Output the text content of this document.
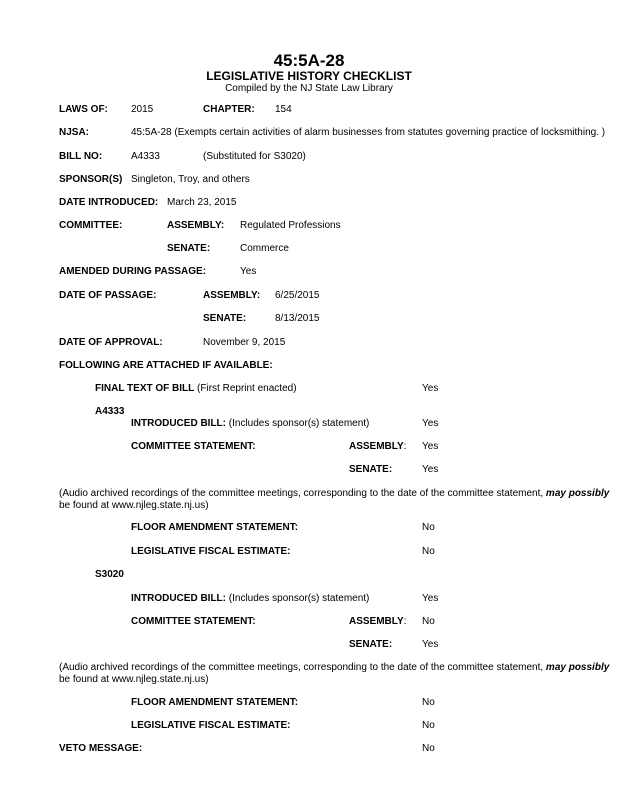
45:5A-28
LEGISLATIVE HISTORY CHECKLIST
Compiled by the NJ State Law Library
LAWS OF: 2015	CHAPTER: 154
NJSA:	45:5A-28 (Exempts certain activities of alarm businesses from statutes governing practice of locksmithing. )
BILL NO:	A4333	(Substituted for S3020)
SPONSOR(S) Singleton, Troy, and others
DATE INTRODUCED: March 23, 2015
COMMITTEE:	ASSEMBLY: Regulated Professions
SENATE:	Commerce
AMENDED DURING PASSAGE:	Yes
DATE OF PASSAGE:	ASSEMBLY: 6/25/2015
SENATE:	8/13/2015
DATE OF APPROVAL:	November 9, 2015
FOLLOWING ARE ATTACHED IF AVAILABLE:
FINAL TEXT OF BILL (First Reprint enacted)	Yes
A4333
INTRODUCED BILL: (Includes sponsor(s) statement)	Yes
COMMITTEE STATEMENT:	ASSEMBLY: Yes
SENATE:	Yes
(Audio archived recordings of the committee meetings, corresponding to the date of the committee statement, may possibly
be found at www.njleg.state.nj.us)
FLOOR AMENDMENT STATEMENT:	No
LEGISLATIVE FISCAL ESTIMATE:	No
S3020
INTRODUCED BILL: (Includes sponsor(s) statement)	Yes
COMMITTEE STATEMENT:	ASSEMBLY: No
SENATE:	Yes
(Audio archived recordings of the committee meetings, corresponding to the date of the committee statement, may possibly
be found at www.njleg.state.nj.us)
FLOOR AMENDMENT STATEMENT:	No
LEGISLATIVE FISCAL ESTIMATE:	No
VETO MESSAGE:	No
